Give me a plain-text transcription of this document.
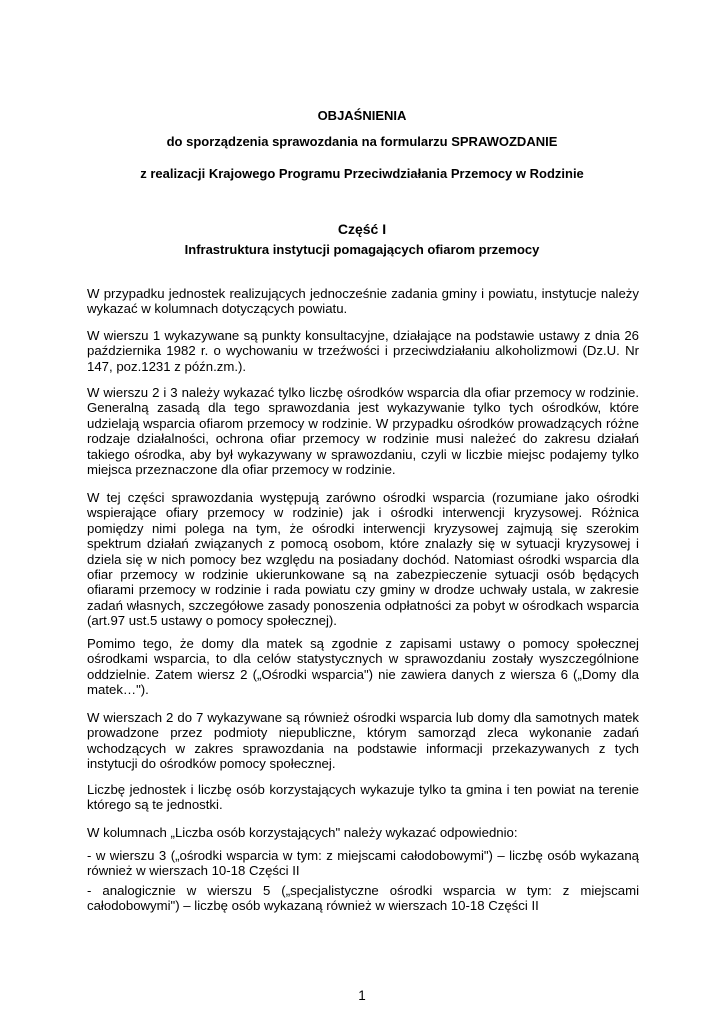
OBJAŚNIENIA
do sporządzenia sprawozdania na formularzu SPRAWOZDANIE
z realizacji Krajowego Programu Przeciwdziałania Przemocy w Rodzinie
Część I
Infrastruktura instytucji pomagających ofiarom przemocy

W przypadku jednostek realizujących jednocześnie zadania gminy i powiatu, instytucje należy wykazać w kolumnach dotyczących powiatu.

W wierszu 1 wykazywane są punkty konsultacyjne, działające na podstawie ustawy z dnia 26 października 1982 r. o wychowaniu w trzeźwości i przeciwdziałaniu alkoholizmowi (Dz.U. Nr 147, poz.1231 z późn.zm.).

W wierszu 2 i 3 należy wykazać tylko liczbę ośrodków wsparcia dla ofiar przemocy w rodzinie. Generalną zasadą dla tego sprawozdania jest wykazywanie tylko tych ośrodków, które udzielają wsparcia ofiarom przemocy w rodzinie. W przypadku ośrodków prowadzących różne rodzaje działalności, ochrona ofiar przemocy w rodzinie musi należeć do zakresu działań takiego ośrodka, aby był wykazywany w sprawozdaniu, czyli w liczbie miejsc podajemy tylko miejsca przeznaczone dla ofiar przemocy w rodzinie.

W tej części sprawozdania występują zarówno ośrodki wsparcia (rozumiane jako ośrodki wspierające ofiary przemocy w rodzinie) jak i ośrodki interwencji kryzysowej. Różnica pomiędzy nimi polega na tym, że ośrodki interwencji kryzysowej zajmują się szerokim spektrum działań związanych z pomocą osobom, które znalazły się w sytuacji kryzysowej i dziela się w nich pomocy bez względu na posiadany dochód. Natomiast ośrodki wsparcia dla ofiar przemocy w rodzinie ukierunkowane są na zabezpieczenie sytuacji osób będących ofiarami przemocy w rodzinie i rada powiatu czy gminy w drodze uchwały ustala, w zakresie zadań własnych, szczegółowe zasady ponoszenia odpłatności za pobyt w ośrodkach wsparcia (art.97 ust.5 ustawy o pomocy społecznej).

Pomimo tego, że domy dla matek są zgodnie z zapisami ustawy o pomocy społecznej ośrodkami wsparcia, to dla celów statystycznych w sprawozdaniu zostały wyszczególnione oddzielnie. Zatem wiersz 2 („Ośrodki wsparcia") nie zawiera danych z wiersza 6 („Domy dla matek…").

W wierszach 2 do 7 wykazywane są również ośrodki wsparcia lub domy dla samotnych matek prowadzone przez podmioty niepubliczne, którym samorząd zleca wykonanie zadań wchodzących w zakres sprawozdania na podstawie informacji przekazywanych z tych instytucji do ośrodków pomocy społecznej.

Liczbę jednostek i liczbę osób korzystających wykazuje tylko ta gmina i ten powiat na terenie którego są te jednostki.

W kolumnach „Liczba osób korzystających" należy wykazać odpowiednio:

- w wierszu 3 („ośrodki wsparcia w tym: z miejscami całodobowymi") – liczbę osób wykazaną również w wierszach 10-18 Części II

- analogicznie w wierszu 5 („specjalistyczne ośrodki wsparcia w tym: z miejscami całodobowymi") – liczbę osób wykazaną również w wierszach 10-18 Części II

1
